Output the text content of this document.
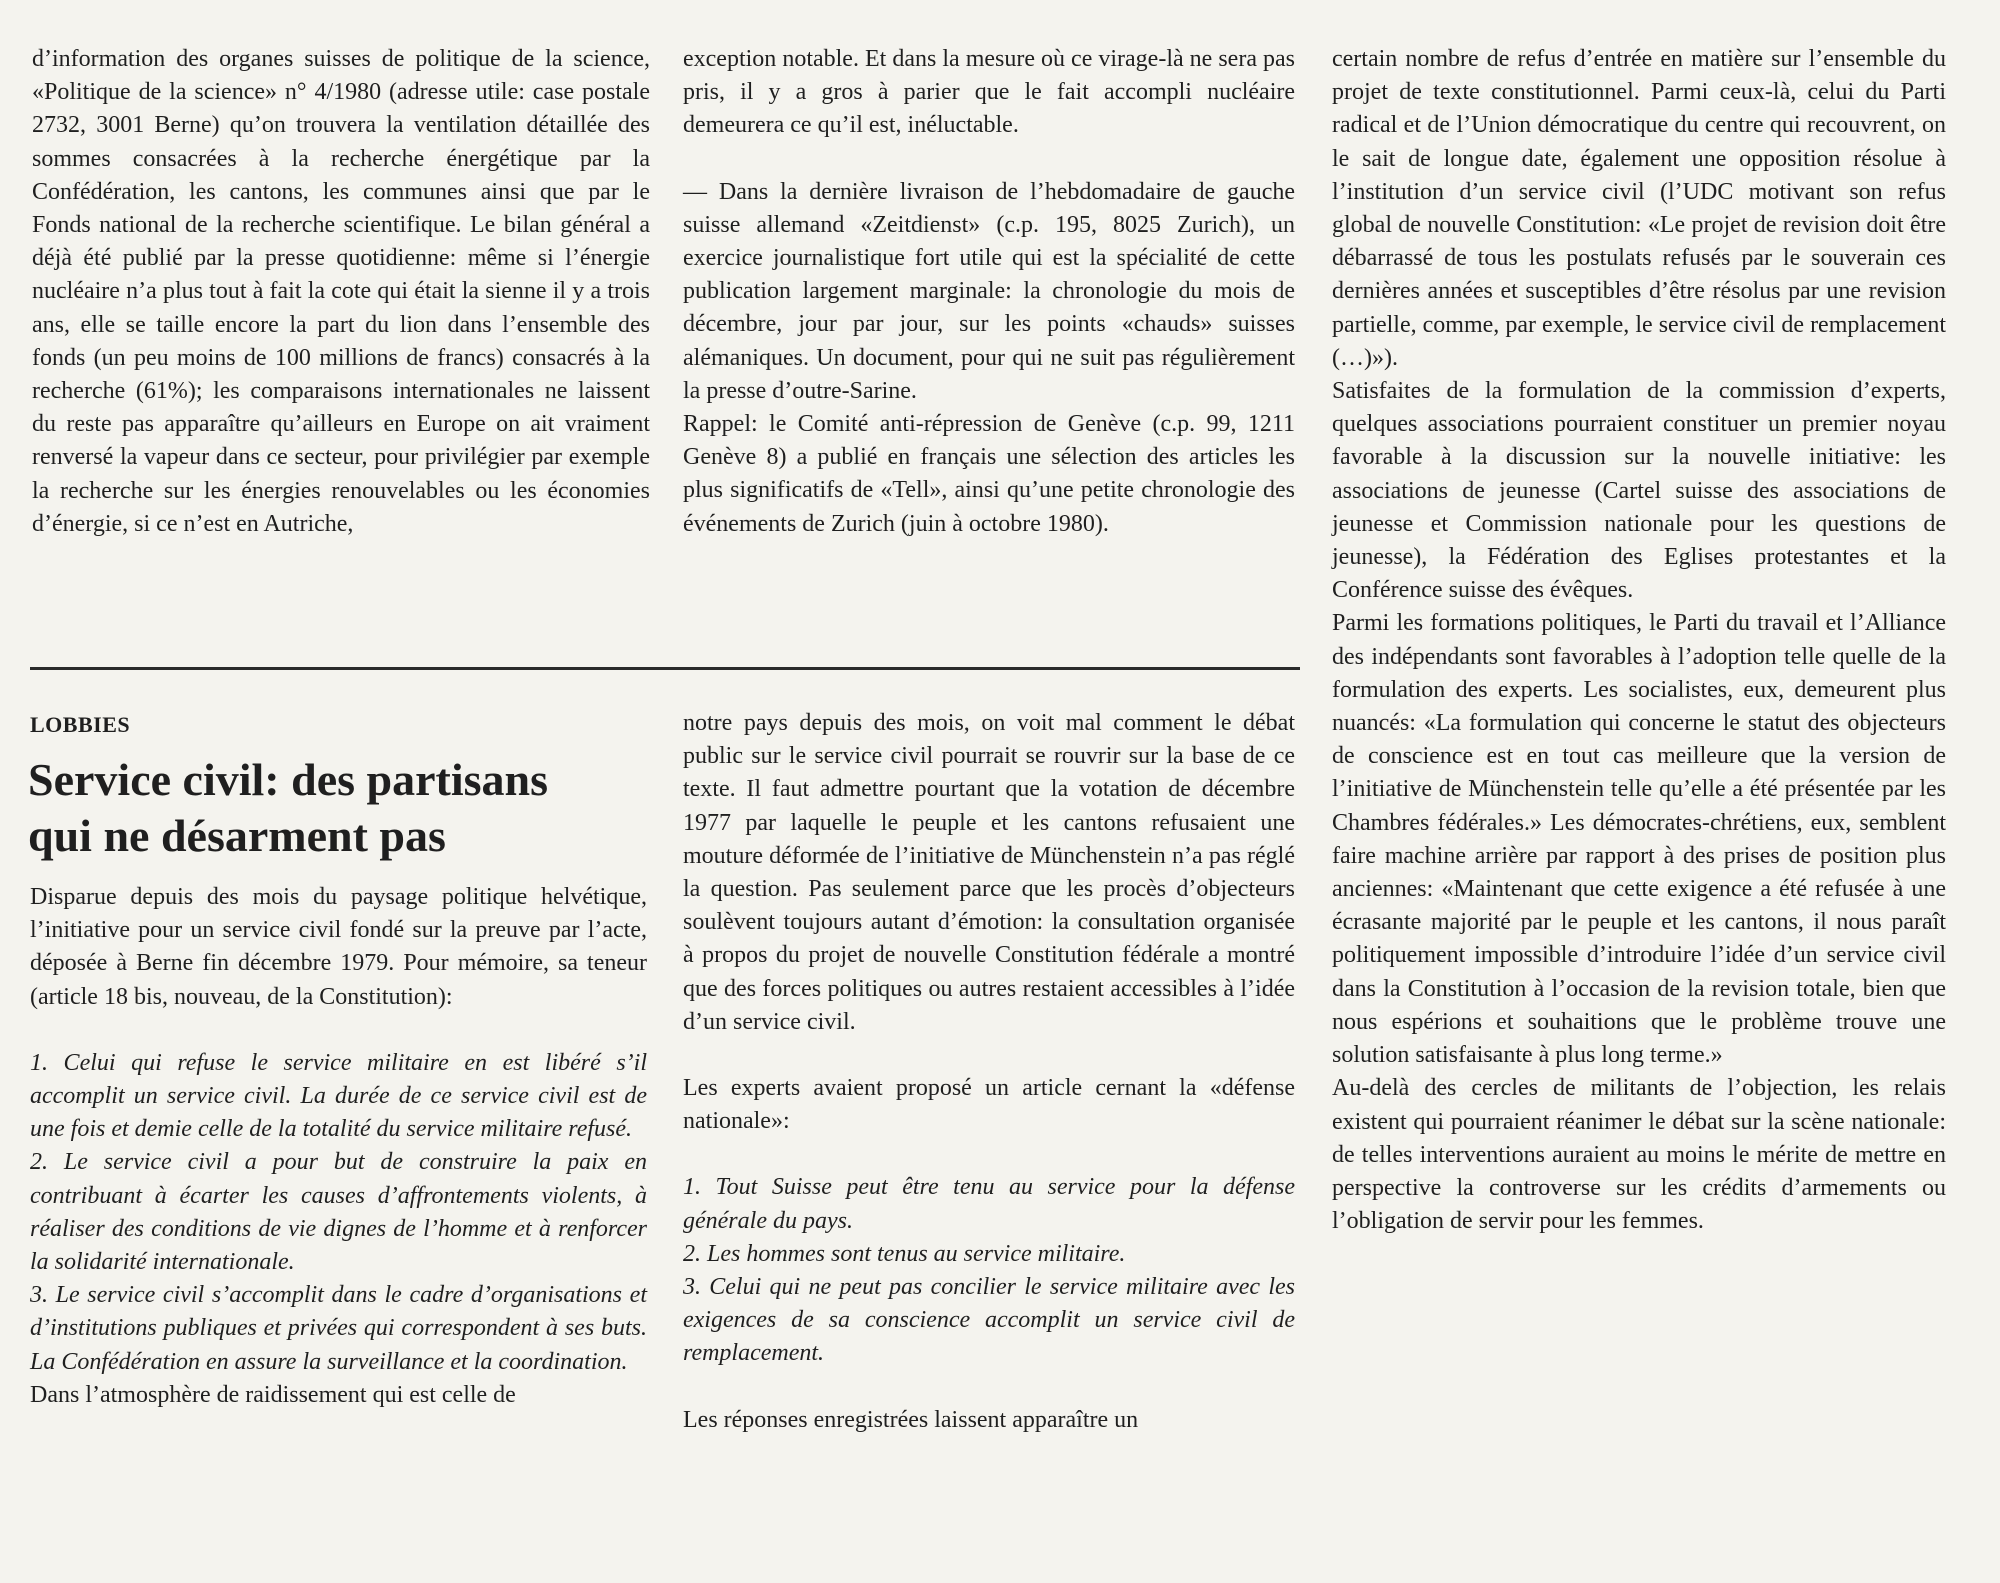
d’information des organes suisses de politique de la science, «Politique de la science» n° 4/1980 (adresse utile: case postale 2732, 3001 Berne) qu’on trouvera la ventilation détaillée des sommes consacrées à la recherche énergétique par la Confédération, les cantons, les communes ainsi que par le Fonds national de la recherche scientifique. Le bilan général a déjà été publié par la presse quotidienne: même si l’énergie nucléaire n’a plus tout à fait la cote qui était la sienne il y a trois ans, elle se taille encore la part du lion dans l’ensemble des fonds (un peu moins de 100 millions de francs) consacrés à la recherche (61%); les comparaisons internationales ne laissent du reste pas apparaître qu’ailleurs en Europe on ait vraiment renversé la vapeur dans ce secteur, pour privilégier par exemple la recherche sur les énergies renouvelables ou les économies d’énergie, si ce n’est en Autriche,

exception notable. Et dans la mesure où ce virage-là ne sera pas pris, il y a gros à parier que le fait accompli nucléaire demeurera ce qu’il est, inéluctable.

— Dans la dernière livraison de l’hebdomadaire de gauche suisse allemand «Zeitdienst» (c.p. 195, 8025 Zurich), un exercice journalistique fort utile qui est la spécialité de cette publication largement marginale: la chronologie du mois de décembre, jour par jour, sur les points «chauds» suisses alémaniques. Un document, pour qui ne suit pas régulièrement la presse d’outre-Sarine.

Rappel: le Comité anti-répression de Genève (c.p. 99, 1211 Genève 8) a publié en français une sélection des articles les plus significatifs de «Tell», ainsi qu’une petite chronologie des événements de Zurich (juin à octobre 1980).

LOBBIES
Service civil: des partisans
qui ne désarment pas

Disparue depuis des mois du paysage politique helvétique, l’initiative pour un service civil fondé sur la preuve par l’acte, déposée à Berne fin décembre 1979. Pour mémoire, sa teneur (article 18 bis, nouveau, de la Constitution):

1. Celui qui refuse le service militaire en est libéré s’il accomplit un service civil. La durée de ce service civil est de une fois et demie celle de la totalité du service militaire refusé.

2. Le service civil a pour but de construire la paix en contribuant à écarter les causes d’affrontements violents, à réaliser des conditions de vie dignes de l’homme et à renforcer la solidarité internationale.

3. Le service civil s’accomplit dans le cadre d’organisations et d’institutions publiques et privées qui correspondent à ses buts. La Confédération en assure la surveillance et la coordination.

Dans l’atmosphère de raidissement qui est celle de

notre pays depuis des mois, on voit mal comment le débat public sur le service civil pourrait se rouvrir sur la base de ce texte. Il faut admettre pourtant que la votation de décembre 1977 par laquelle le peuple et les cantons refusaient une mouture déformée de l’initiative de Münchenstein n’a pas réglé la question. Pas seulement parce que les procès d’objecteurs soulèvent toujours autant d’émotion: la consultation organisée à propos du projet de nouvelle Constitution fédérale a montré que des forces politiques ou autres restaient accessibles à l’idée d’un service civil.

Les experts avaient proposé un article cernant la «défense nationale»:

1. Tout Suisse peut être tenu au service pour la défense générale du pays.

2. Les hommes sont tenus au service militaire.

3. Celui qui ne peut pas concilier le service militaire avec les exigences de sa conscience accomplit un service civil de remplacement.

Les réponses enregistrées laissent apparaître un

certain nombre de refus d’entrée en matière sur l’ensemble du projet de texte constitutionnel. Parmi ceux-là, celui du Parti radical et de l’Union démocratique du centre qui recouvrent, on le sait de longue date, également une opposition résolue à l’institution d’un service civil (l’UDC motivant son refus global de nouvelle Constitution: «Le projet de revision doit être débarrassé de tous les postulats refusés par le souverain ces dernières années et susceptibles d’être résolus par une revision partielle, comme, par exemple, le service civil de remplacement (…)»).

Satisfaites de la formulation de la commission d’experts, quelques associations pourraient constituer un premier noyau favorable à la discussion sur la nouvelle initiative: les associations de jeunesse (Cartel suisse des associations de jeunesse et Commission nationale pour les questions de jeunesse), la Fédération des Eglises protestantes et la Conférence suisse des évêques.

Parmi les formations politiques, le Parti du travail et l’Alliance des indépendants sont favorables à l’adoption telle quelle de la formulation des experts. Les socialistes, eux, demeurent plus nuancés: «La formulation qui concerne le statut des objecteurs de conscience est en tout cas meilleure que la version de l’initiative de Münchenstein telle qu’elle a été présentée par les Chambres fédérales.» Les démocrates-chrétiens, eux, semblent faire machine arrière par rapport à des prises de position plus anciennes: «Maintenant que cette exigence a été refusée à une écrasante majorité par le peuple et les cantons, il nous paraît politiquement impossible d’introduire l’idée d’un service civil dans la Constitution à l’occasion de la revision totale, bien que nous espérions et souhaitions que le problème trouve une solution satisfaisante à plus long terme.»

Au-delà des cercles de militants de l’objection, les relais existent qui pourraient réanimer le débat sur la scène nationale: de telles interventions auraient au moins le mérite de mettre en perspective la controverse sur les crédits d’armements ou l’obligation de servir pour les femmes.
